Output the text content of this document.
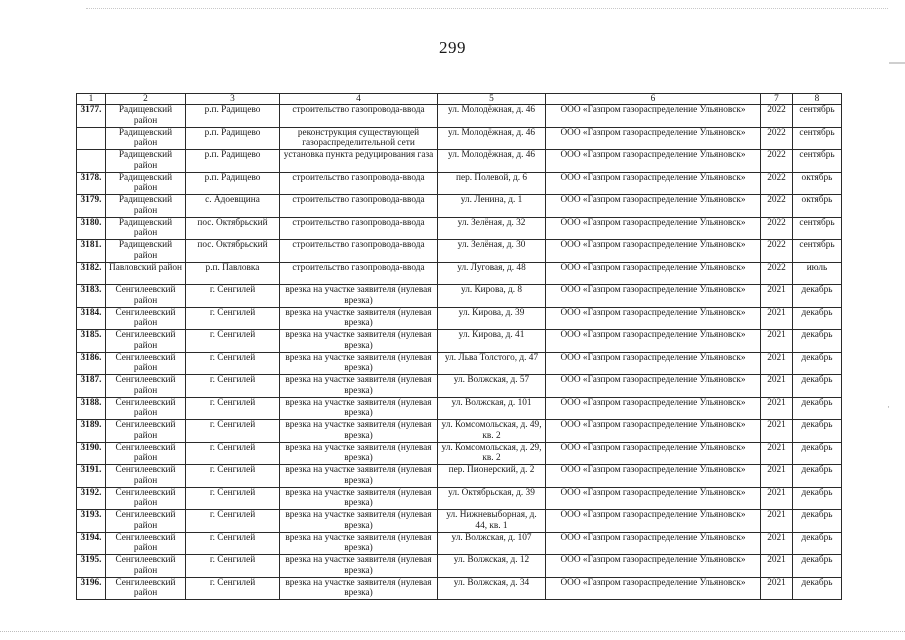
·
299
1	2	3	4	5	6	7	8
3177.	Радищевский район	р.п. Радищево	строительство газопровода-ввода	ул. Молодёжная, д. 46	ООО «Газпром газораспределение Ульяновск»	2022	сентябрь
	Радищевский район	р.п. Радищево	реконструкция существующей газораспределительной сети	ул. Молодёжная, д. 46	ООО «Газпром газораспределение Ульяновск»	2022	сентябрь
	Радищевский район	р.п. Радищево	установка пункта редуцирования газа	ул. Молодёжная, д. 46	ООО «Газпром газораспределение Ульяновск»	2022	сентябрь
3178.	Радищевский район	р.п. Радищево	строительство газопровода-ввода	пер. Полевой, д. 6	ООО «Газпром газораспределение Ульяновск»	2022	октябрь
3179.	Радищевский район	с. Адоевщина	строительство газопровода-ввода	ул. Ленина, д. 1	ООО «Газпром газораспределение Ульяновск»	2022	октябрь
3180.	Радищевский район	пос. Октябрьский	строительство газопровода-ввода	ул. Зелёная, д. 32	ООО «Газпром газораспределение Ульяновск»	2022	сентябрь
3181.	Радищевский район	пос. Октябрьский	строительство газопровода-ввода	ул. Зелёная, д. 30	ООО «Газпром газораспределение Ульяновск»	2022	сентябрь
3182.	Павловский район	р.п. Павловка	строительство газопровода-ввода	ул. Луговая, д. 48	ООО «Газпром газораспределение Ульяновск»	2022	июль
3183.	Сенгилеевский район	г. Сенгилей	врезка на участке заявителя (нулевая врезка)	ул. Кирова, д. 8	ООО «Газпром газораспределение Ульяновск»	2021	декабрь
3184.	Сенгилеевский район	г. Сенгилей	врезка на участке заявителя (нулевая врезка)	ул. Кирова, д. 39	ООО «Газпром газораспределение Ульяновск»	2021	декабрь
3185.	Сенгилеевский район	г. Сенгилей	врезка на участке заявителя (нулевая врезка)	ул. Кирова, д. 41	ООО «Газпром газораспределение Ульяновск»	2021	декабрь
3186.	Сенгилеевский район	г. Сенгилей	врезка на участке заявителя (нулевая врезка)	ул. Льва Толстого, д. 47	ООО «Газпром газораспределение Ульяновск»	2021	декабрь
3187.	Сенгилеевский район	г. Сенгилей	врезка на участке заявителя (нулевая врезка)	ул. Волжская, д. 57	ООО «Газпром газораспределение Ульяновск»	2021	декабрь
3188.	Сенгилеевский район	г. Сенгилей	врезка на участке заявителя (нулевая врезка)	ул. Волжская, д. 101	ООО «Газпром газораспределение Ульяновск»	2021	декабрь
3189.	Сенгилеевский район	г. Сенгилей	врезка на участке заявителя (нулевая врезка)	ул. Комсомольская, д. 49, кв. 2	ООО «Газпром газораспределение Ульяновск»	2021	декабрь
3190.	Сенгилеевский район	г. Сенгилей	врезка на участке заявителя (нулевая врезка)	ул. Комсомольская, д. 29, кв. 2	ООО «Газпром газораспределение Ульяновск»	2021	декабрь
3191.	Сенгилеевский район	г. Сенгилей	врезка на участке заявителя (нулевая врезка)	пер. Пионерский, д. 2	ООО «Газпром газораспределение Ульяновск»	2021	декабрь
3192.	Сенгилеевский район	г. Сенгилей	врезка на участке заявителя (нулевая врезка)	ул. Октябрьская, д. 39	ООО «Газпром газораспределение Ульяновск»	2021	декабрь
3193.	Сенгилеевский район	г. Сенгилей	врезка на участке заявителя (нулевая врезка)	ул. Нижневыборная, д. 44, кв. 1	ООО «Газпром газораспределение Ульяновск»	2021	декабрь
3194.	Сенгилеевский район	г. Сенгилей	врезка на участке заявителя (нулевая врезка)	ул. Волжская, д. 107	ООО «Газпром газораспределение Ульяновск»	2021	декабрь
3195.	Сенгилеевский район	г. Сенгилей	врезка на участке заявителя (нулевая врезка)	ул. Волжская, д. 12	ООО «Газпром газораспределение Ульяновск»	2021	декабрь
3196.	Сенгилеевский район	г. Сенгилей	врезка на участке заявителя (нулевая врезка)	ул. Волжская, д. 34	ООО «Газпром газораспределение Ульяновск»	2021	декабрь
